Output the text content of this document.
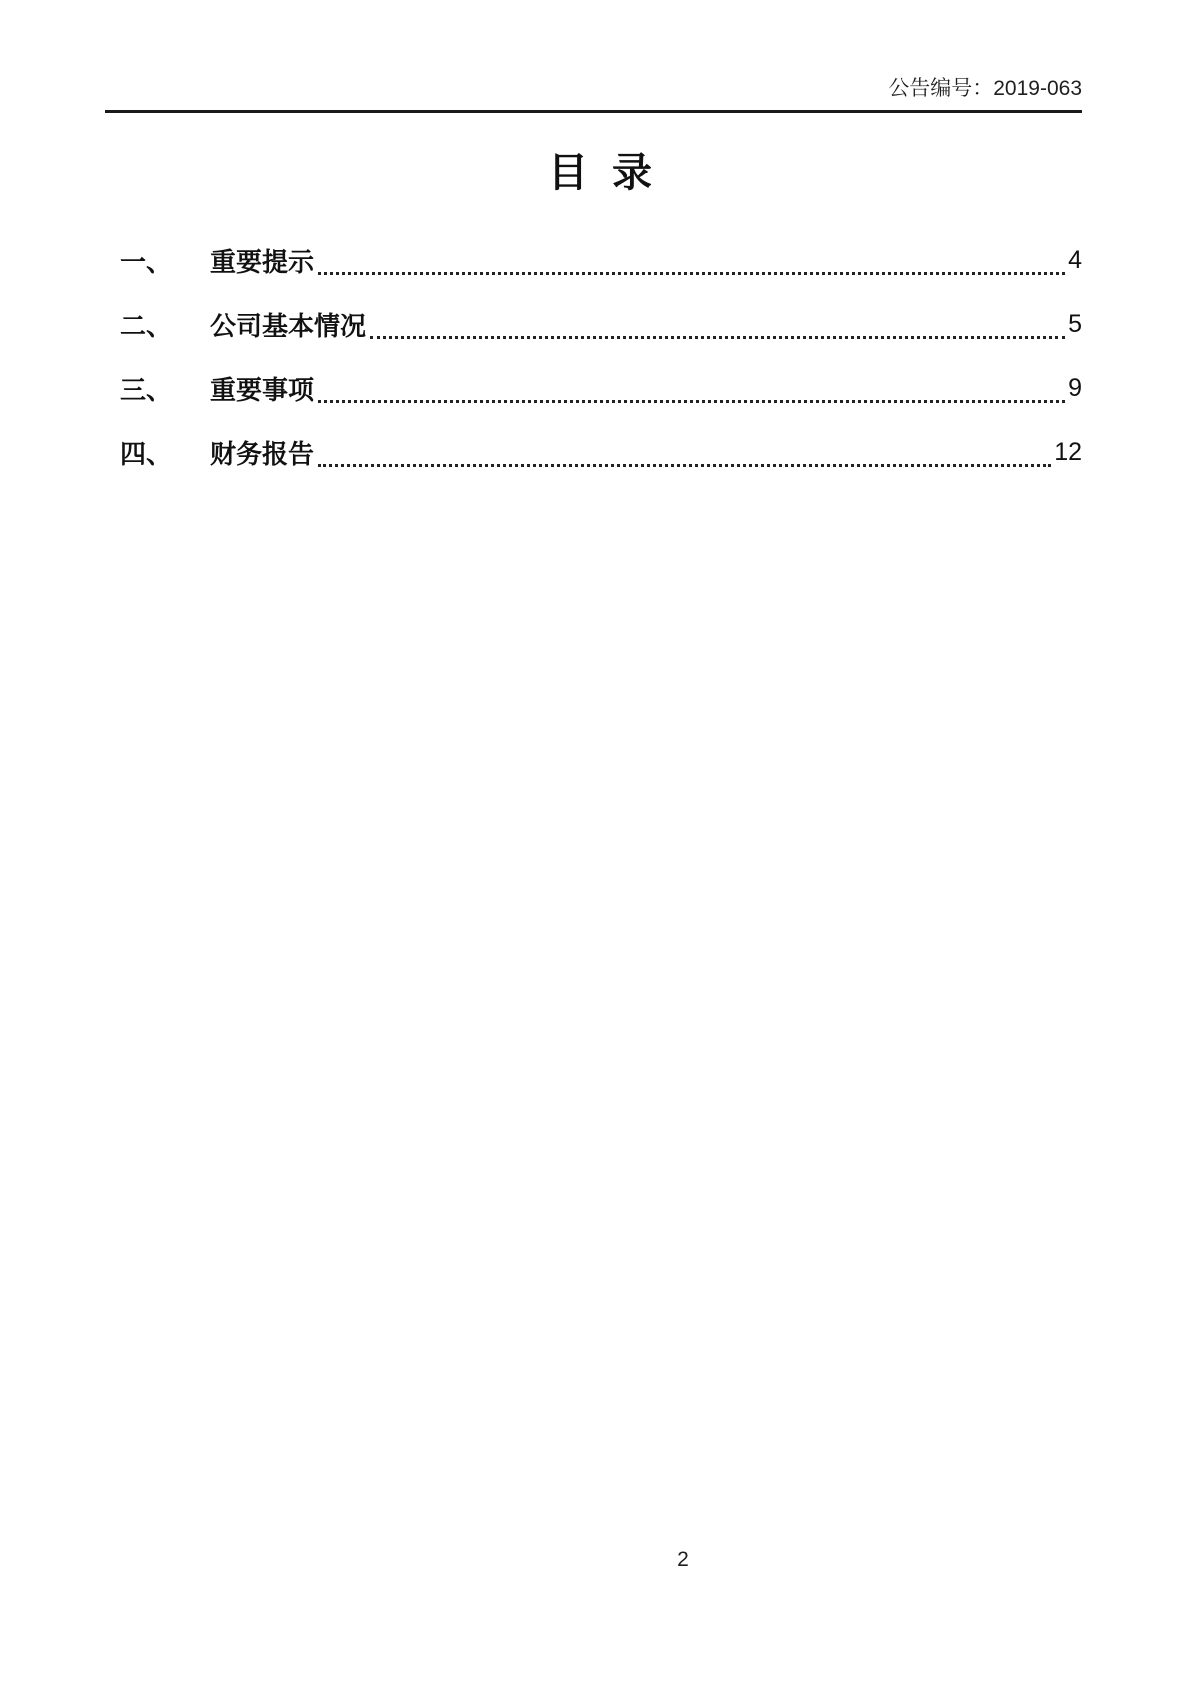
公告编号：2019-063
目 录
一、	重要提示	4
二、	公司基本情况	5
三、	重要事项	9
四、	财务报告	12
2
